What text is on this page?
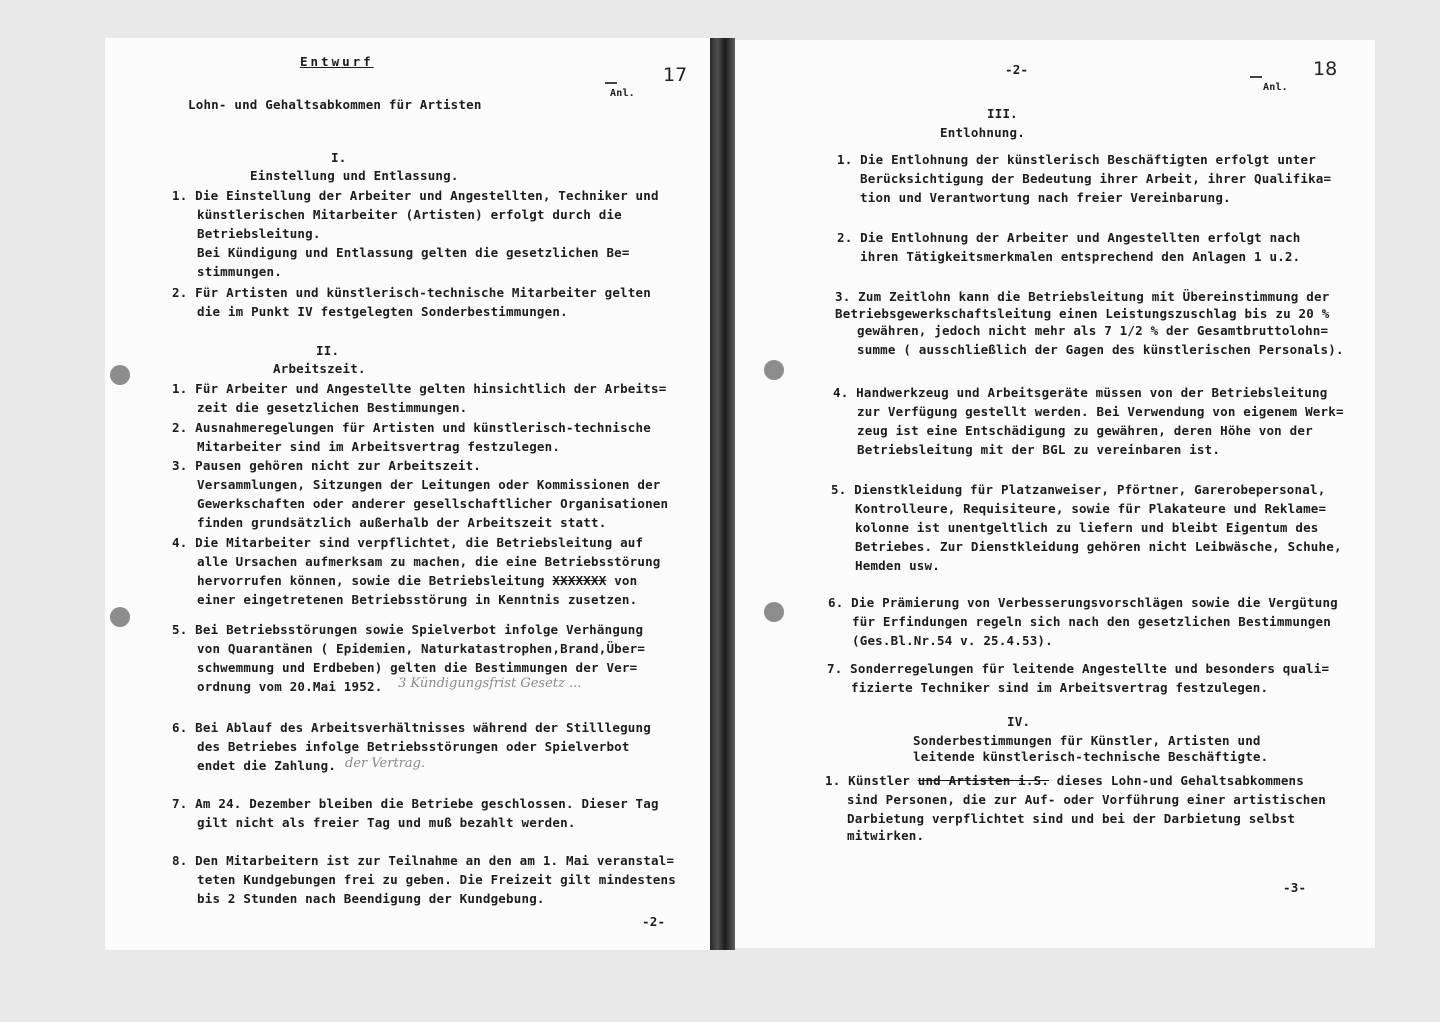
Entwurf
Anl.
17
Lohn- und Gehaltsabkommen für Artisten
I.
Einstellung und Entlassung.
1. Die Einstellung der Arbeiter und Angestellten, Techniker und
künstlerischen Mitarbeiter (Artisten) erfolgt durch die
Betriebsleitung.
Bei Kündigung und Entlassung gelten die gesetzlichen Be=
stimmungen.
2. Für Artisten und künstlerisch-technische Mitarbeiter gelten
die im Punkt IV festgelegten Sonderbestimmungen.
II.
Arbeitszeit.
1. Für Arbeiter und Angestellte gelten hinsichtlich der Arbeits=
zeit die gesetzlichen Bestimmungen.
2. Ausnahmeregelungen für Artisten und künstlerisch-technische
Mitarbeiter sind im Arbeitsvertrag festzulegen.
3. Pausen gehören nicht zur Arbeitszeit.
Versammlungen, Sitzungen der Leitungen oder Kommissionen der
Gewerkschaften oder anderer gesellschaftlicher Organisationen
finden grundsätzlich außerhalb der Arbeitszeit statt.
4. Die Mitarbeiter sind verpflichtet, die Betriebsleitung auf
alle Ursachen aufmerksam zu machen, die eine Betriebsstörung
hervorrufen können, sowie die Betriebsleitung XXXXXXX von
einer eingetretenen Betriebsstörung in Kenntnis zusetzen.
5. Bei Betriebsstörungen sowie Spielverbot infolge Verhängung
von Quarantänen ( Epidemien, Naturkatastrophen,Brand,Über=
schwemmung und Erdbeben) gelten die Bestimmungen der Ver=
ordnung vom 20.Mai 1952. 3 Kündigungsfrist Gesetz ...
6. Bei Ablauf des Arbeitsverhältnisses während der Stilllegung
des Betriebes infolge Betriebsstörungen oder Spielverbot
endet die Zahlung. der Vertrag.
7. Am 24. Dezember bleiben die Betriebe geschlossen. Dieser Tag
gilt nicht als freier Tag und muß bezahlt werden.
8. Den Mitarbeitern ist zur Teilnahme an den am 1. Mai veranstal=
teten Kundgebungen frei zu geben. Die Freizeit gilt mindestens
bis 2 Stunden nach Beendigung der Kundgebung.
-2-
-2-
Anl.
18
III.
Entlohnung.
1. Die Entlohnung der künstlerisch Beschäftigten erfolgt unter
Berücksichtigung der Bedeutung ihrer Arbeit, ihrer Qualifika=
tion und Verantwortung nach freier Vereinbarung.
2. Die Entlohnung der Arbeiter und Angestellten erfolgt nach
ihren Tätigkeitsmerkmalen entsprechend den Anlagen 1 u.2.
3. Zum Zeitlohn kann die Betriebsleitung mit Übereinstimmung der
Betriebsgewerkschaftsleitung einen Leistungszuschlag bis zu 20 %
gewähren, jedoch nicht mehr als 7 1/2 % der Gesamtbruttolohn=
summe ( ausschließlich der Gagen des künstlerischen Personals).
4. Handwerkzeug und Arbeitsgeräte müssen von der Betriebsleitung
zur Verfügung gestellt werden. Bei Verwendung von eigenem Werk=
zeug ist eine Entschädigung zu gewähren, deren Höhe von der
Betriebsleitung mit der BGL zu vereinbaren ist.
5. Dienstkleidung für Platzanweiser, Pförtner, Garerobepersonal,
Kontrolleure, Requisiteure, sowie für Plakateure und Reklame=
kolonne ist unentgeltlich zu liefern und bleibt Eigentum des
Betriebes. Zur Dienstkleidung gehören nicht Leibwäsche, Schuhe,
Hemden usw.
6. Die Prämierung von Verbesserungsvorschlägen sowie die Vergütung
für Erfindungen regeln sich nach den gesetzlichen Bestimmungen
(Ges.Bl.Nr.54 v. 25.4.53).
7. Sonderregelungen für leitende Angestellte und besonders quali=
fizierte Techniker sind im Arbeitsvertrag festzulegen.
IV.
Sonderbestimmungen für Künstler, Artisten und
leitende künstlerisch-technische Beschäftigte.
1. Künstler und Artisten i.S. dieses Lohn-und Gehaltsabkommens
sind Personen, die zur Auf- oder Vorführung einer artistischen
Darbietung verpflichtet sind und bei der Darbietung selbst
mitwirken.
-3-
